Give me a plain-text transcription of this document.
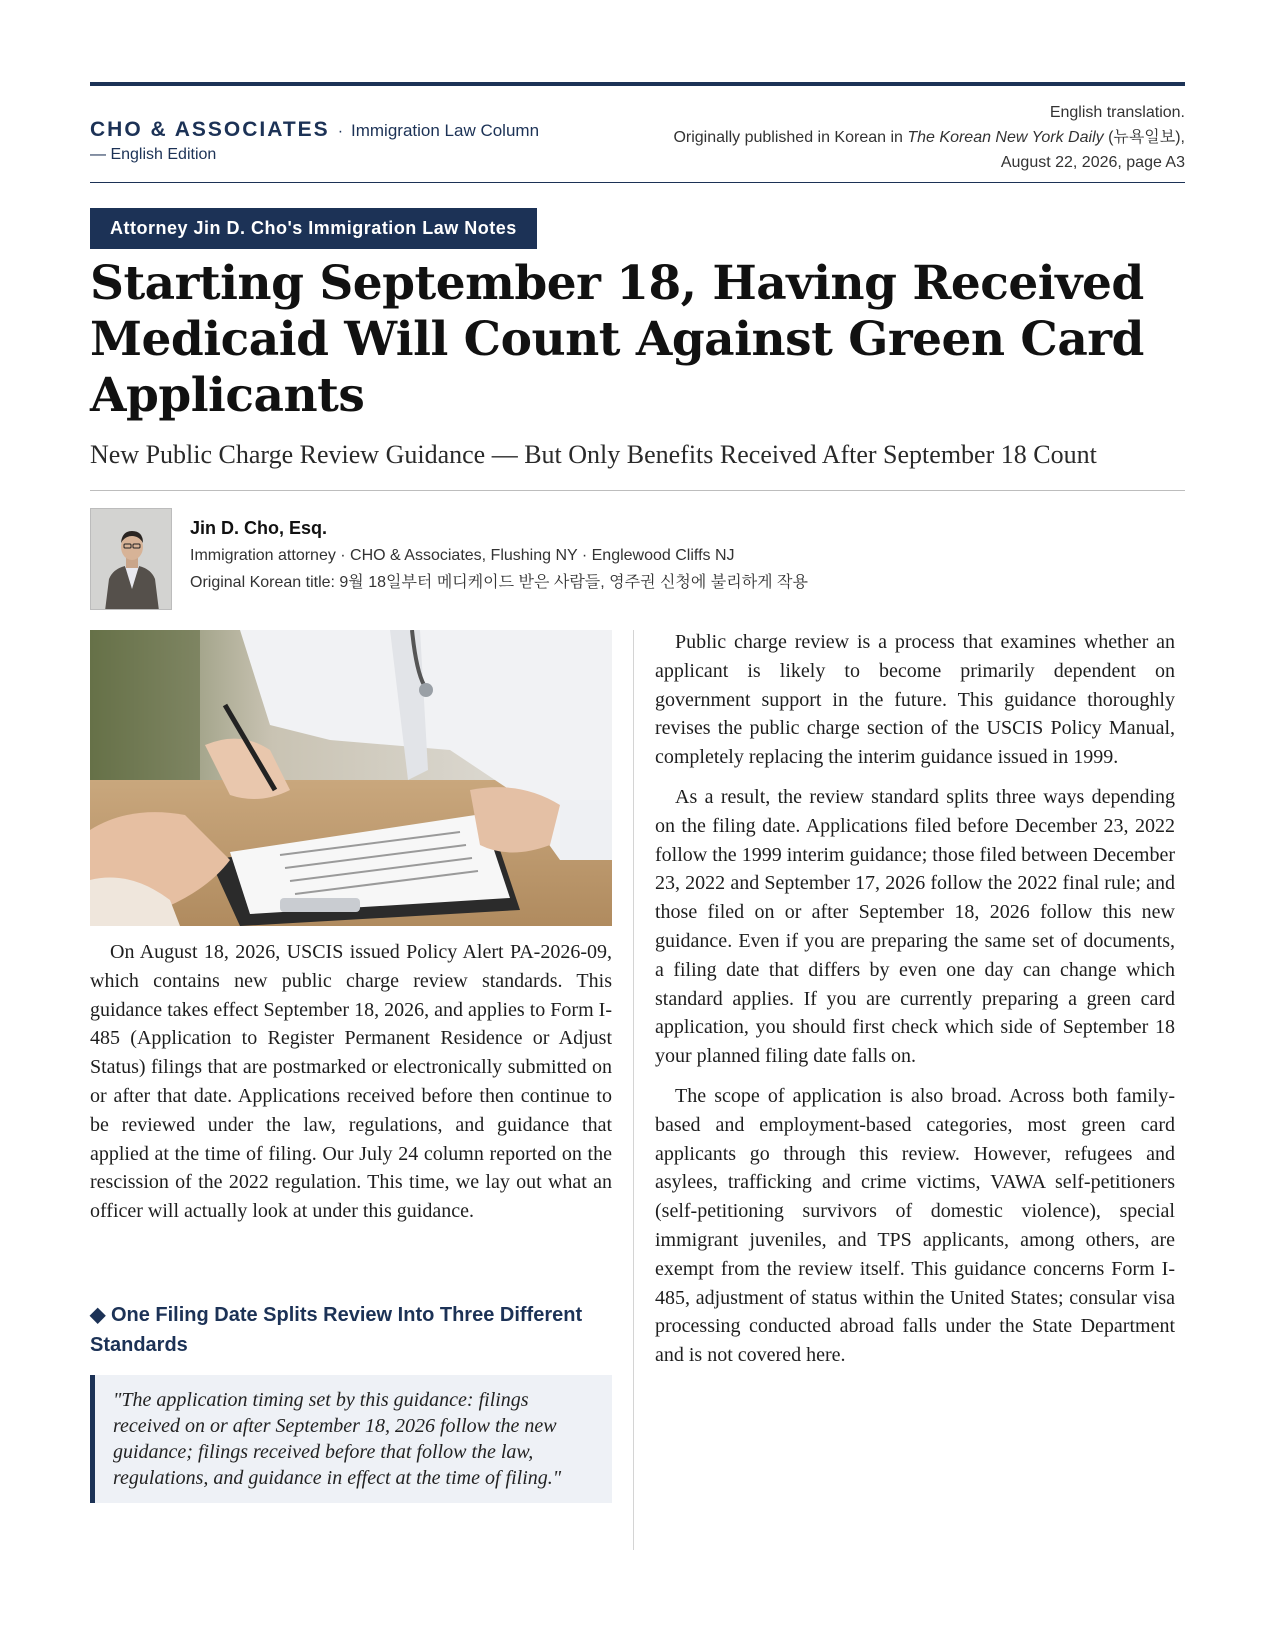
CHO & ASSOCIATES · Immigration Law Column
— English Edition
English translation.
Originally published in Korean in The Korean New York Daily (뉴욕일보),
August 22, 2026, page A3
Attorney Jin D. Cho's Immigration Law Notes
Starting September 18, Having Received Medicaid Will Count Against Green Card Applicants
New Public Charge Review Guidance — But Only Benefits Received After September 18 Count
Jin D. Cho, Esq.
Immigration attorney · CHO & Associates, Flushing NY · Englewood Cliffs NJ
Original Korean title: 9월 18일부터 메디케이드 받은 사람들, 영주권 신청에 불리하게 작용

On August 18, 2026, USCIS issued Policy Alert PA-2026-09, which contains new public charge review standards. This guidance takes effect September 18, 2026, and applies to Form I-485 (Application to Register Permanent Residence or Adjust Status) filings that are postmarked or electronically submitted on or after that date. Applications received before then continue to be reviewed under the law, regulations, and guidance that applied at the time of filing. Our July 24 column reported on the rescission of the 2022 regulation. This time, we lay out what an officer will actually look at under this guidance.

◆ One Filing Date Splits Review Into Three Different Standards
"The application timing set by this guidance: filings received on or after September 18, 2026 follow the new guidance; filings received before that follow the law, regulations, and guidance in effect at the time of filing."

Public charge review is a process that examines whether an applicant is likely to become primarily dependent on government support in the future. This guidance thoroughly revises the public charge section of the USCIS Policy Manual, completely replacing the interim guidance issued in 1999.

As a result, the review standard splits three ways depending on the filing date. Applications filed before December 23, 2022 follow the 1999 interim guidance; those filed between December 23, 2022 and September 17, 2026 follow the 2022 final rule; and those filed on or after September 18, 2026 follow this new guidance. Even if you are preparing the same set of documents, a filing date that differs by even one day can change which standard applies. If you are currently preparing a green card application, you should first check which side of September 18 your planned filing date falls on.

The scope of application is also broad. Across both family-based and employment-based categories, most green card applicants go through this review. However, refugees and asylees, trafficking and crime victims, VAWA self-petitioners (self-petitioning survivors of domestic violence), special immigrant juveniles, and TPS applicants, among others, are exempt from the review itself. This guidance concerns Form I-485, adjustment of status within the United States; consular visa processing conducted abroad falls under the State Department and is not covered here.
